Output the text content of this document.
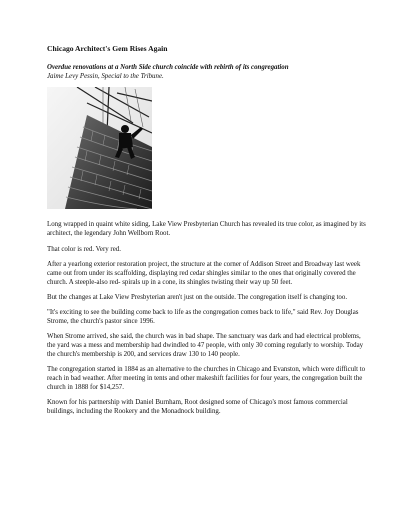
Chicago Architect's Gem Rises Again
Overdue renovations at a North Side church coincide with rebirth of its congregation
Jaime Levy Pessin, Special to the Tribune.

Long wrapped in quaint white siding, Lake View Presbyterian Church has revealed its true color, as imagined by its architect, the legendary John Wellborn Root.

That color is red. Very red.

After a yearlong exterior restoration project, the structure at the corner of Addison Street and Broadway last week came out from under its scaffolding, displaying red cedar shingles similar to the ones that originally covered the church. A steeple-also red- spirals up in a cone, its shingles twisting their way up 50 feet.

But the changes at Lake View Presbyterian aren't just on the outside. The congregation itself is changing too.

"It's exciting to see the building come back to life as the congregation comes back to life," said Rev. Joy Douglas Strome, the church's pastor since 1996.

When Strome arrived, she said, the church was in bad shape. The sanctuary was dark and had electrical problems, the yard was a mess and membership had dwindled to 47 people, with only 30 coming regularly to worship. Today the church's membership is 200, and services draw 130 to 140 people.

The congregation started in 1884 as an alternative to the churches in Chicago and Evanston, which were difficult to reach in bad weather. After meeting in tents and other makeshift facilities for four years, the congregation built the church in 1888 for $14,257.

Known for his partnership with Daniel Burnham, Root designed some of Chicago's most famous commercial buildings, including the Rookery and the Monadnock building.
